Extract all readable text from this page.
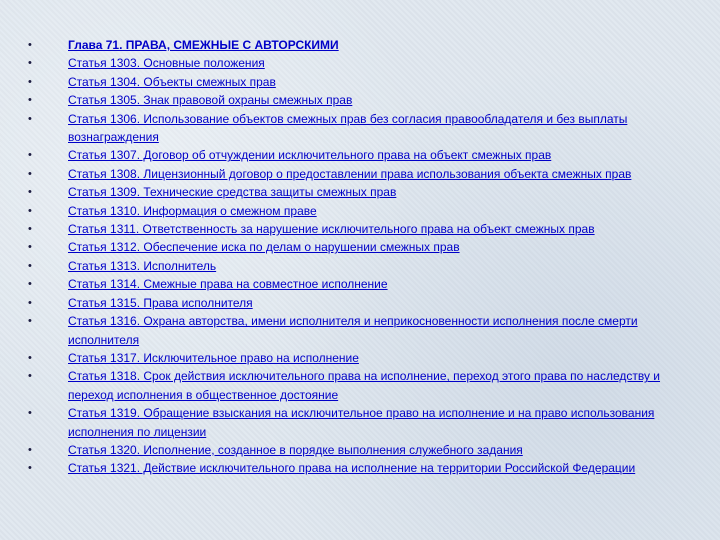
•	Глава 71. ПРАВА, СМЕЖНЫЕ С АВТОРСКИМИ
•	Статья 1303. Основные положения
•	Статья 1304. Объекты смежных прав
•	Статья 1305. Знак правовой охраны смежных прав
•	Статья 1306. Использование объектов смежных прав без согласия правообладателя и без выплаты вознаграждения
•	Статья 1307. Договор об отчуждении исключительного права на объект смежных прав
•	Статья 1308. Лицензионный договор о предоставлении права использования объекта смежных прав
•	Статья 1309. Технические средства защиты смежных прав
•	Статья 1310. Информация о смежном праве
•	Статья 1311. Ответственность за нарушение исключительного права на объект смежных прав
•	Статья 1312. Обеспечение иска по делам о нарушении смежных прав
•	Статья 1313. Исполнитель
•	Статья 1314. Смежные права на совместное исполнение
•	Статья 1315. Права исполнителя
•	Статья 1316. Охрана авторства, имени исполнителя и неприкосновенности исполнения после смерти исполнителя
•	Статья 1317. Исключительное право на исполнение
•	Статья 1318. Срок действия исключительного права на исполнение, переход этого права по наследству и переход исполнения в общественное достояние
•	Статья 1319. Обращение взыскания на исключительное право на исполнение и на право использования исполнения по лицензии
•	Статья 1320. Исполнение, созданное в порядке выполнения служебного задания
•	Статья 1321. Действие исключительного права на исполнение на территории Российской Федерации
